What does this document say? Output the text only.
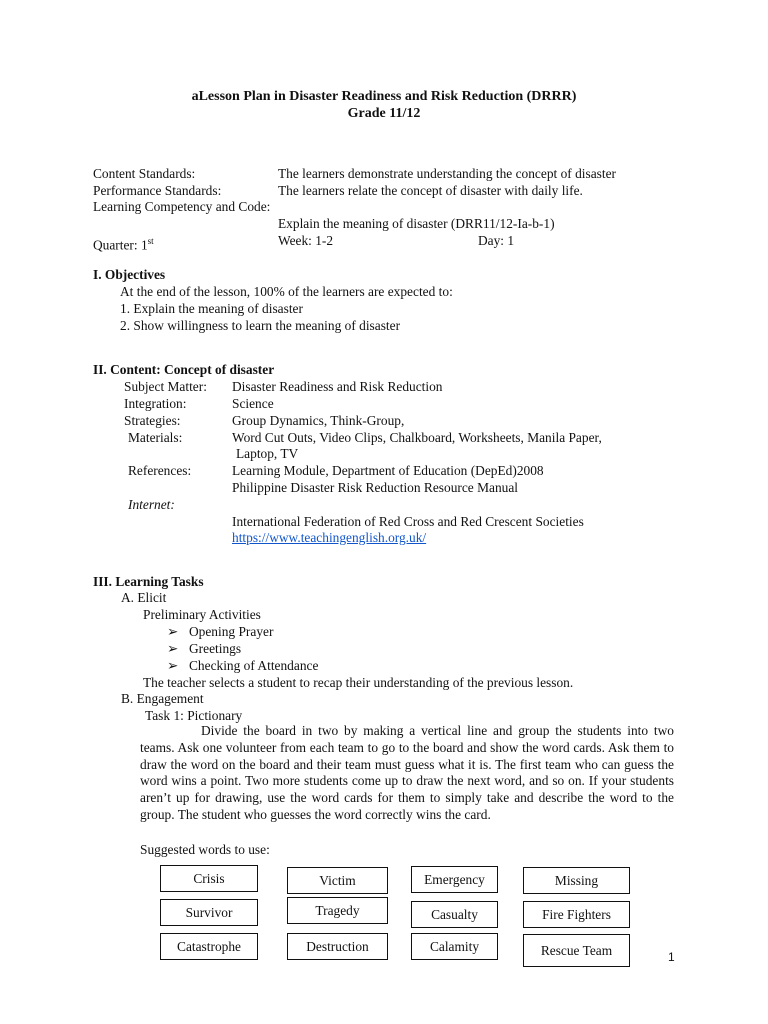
aLesson Plan in Disaster Readiness and Risk Reduction (DRRR)
Grade 11/12
Content Standards:	The learners demonstrate understanding the concept of disaster
Performance Standards:	The learners relate the concept of disaster with daily life.
Learning Competency and Code:
Explain the meaning of disaster (DRR11/12-Ia-b-1)
Quarter: 1st	Week: 1-2	Day: 1
I. Objectives
At the end of the lesson, 100% of the learners are expected to:
1. Explain the meaning of disaster
2. Show willingness to learn the meaning of disaster
II. Content: Concept of disaster
Subject Matter: Disaster Readiness and Risk Reduction
Integration:	Science
Strategies:	Group Dynamics, Think-Group,
Materials:	Word Cut Outs, Video Clips, Chalkboard, Worksheets, Manila Paper,
Laptop, TV
References:	Learning Module, Department of Education (DepEd)2008
Philippine Disaster Risk Reduction Resource Manual
Internet:
International Federation of Red Cross and Red Crescent Societies
https://www.teachingenglish.org.uk/
III. Learning Tasks
A. Elicit
Preliminary Activities
➢ Opening Prayer
➢ Greetings
➢ Checking of Attendance
The teacher selects a student to recap their understanding of the previous lesson.
B. Engagement
Task 1: Pictionary
Divide the board in two by making a vertical line and group the students into two teams. Ask one volunteer from each team to go to the board and show the word cards. Ask them to draw the word on the board and their team must guess what it is. The first team who can guess the word wins a point. Two more students come up to draw the next word, and so on. If your students aren’t up for drawing, use the word cards for them to simply take and describe the word to the group. The student who guesses the word correctly wins the card.
Suggested words to use:
Crisis
Survivor
Catastrophe
Victim
Tragedy
Destruction
Emergency
Casualty
Calamity
Missing
Fire Fighters
Rescue Team	1
